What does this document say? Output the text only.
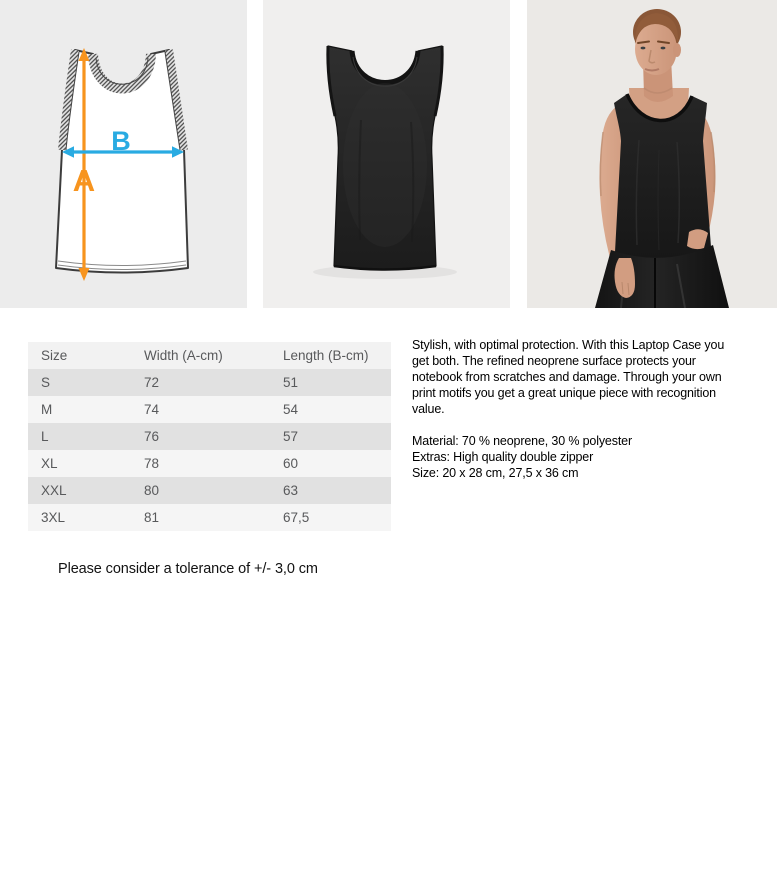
A
B
Size	Width (A-cm)	Length (B-cm)
S	72	51
M	74	54
L	76	57
XL	78	60
XXL	80	63
3XL	81	67,5

Stylish, with optimal protection. With this Laptop Case you get both. The refined neoprene surface protects your notebook from scratches and damage. Through your own print motifs you get a great unique piece with recognition value.

Material: 70 % neoprene, 30 % polyester

Extras: High quality double zipper

Size: 20 x 28 cm, 27,5 x 36 cm

Please consider a tolerance of +/- 3,0 cm
